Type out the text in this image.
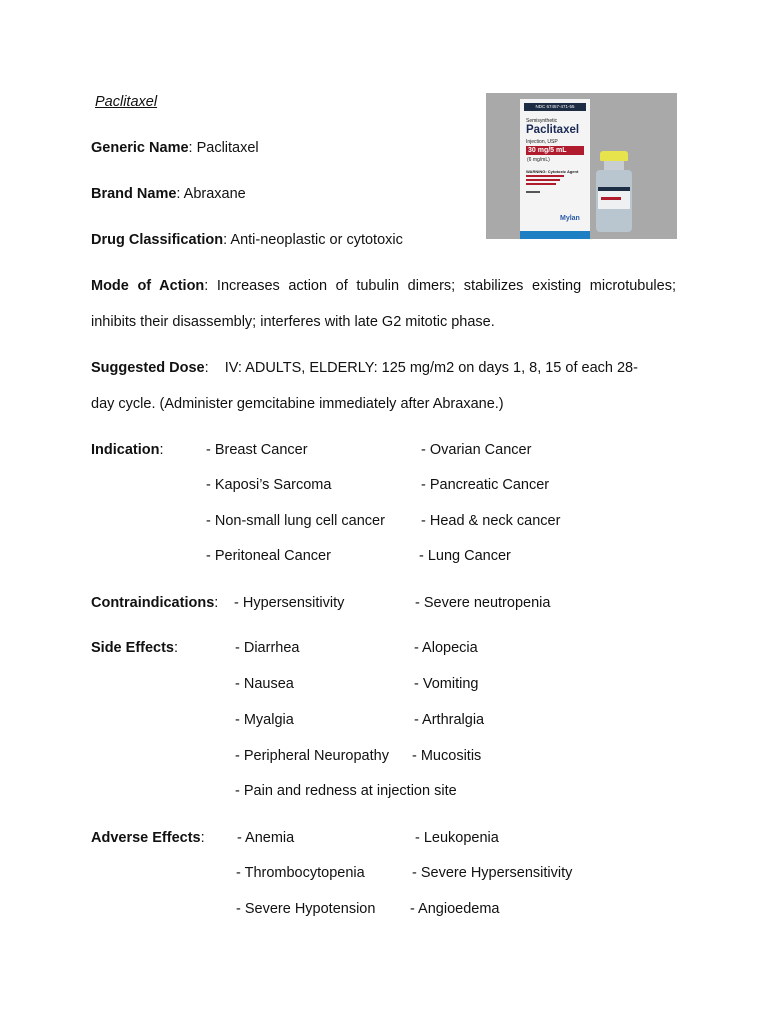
Paclitaxel	NDC 67457-471-55
Semisynthetic
Paclitaxel
Injection, USP
30 mg/5 mL
(6 mg/mL)
WARNING: Cytotoxic Agent
Mylan
Generic Name: Paclitaxel
Brand Name: Abraxane
Drug Classification: Anti-neoplastic or cytotoxic
Mode of Action: Increases action of tubulin dimers; stabilizes existing microtubules;
inhibits their disassembly; interferes with late G2 mitotic phase.
Suggested Dose:    IV: ADULTS, ELDERLY: 125 mg/m2 on days 1, 8, 15 of each 28-
day cycle. (Administer gemcitabine immediately after Abraxane.)
Indication:	- Breast Cancer
- Kaposi’s Sarcoma
- Non-small lung cell cancer
- Peritoneal Cancer
- Ovarian Cancer
- Pancreatic Cancer
- Head & neck cancer
- Lung Cancer
Contraindications: - Hypersensitivity	- Severe neutropenia
Side Effects:	- Diarrhea
- Nausea
- Myalgia
- Peripheral Neuropathy
- Pain and redness at injection site
- Alopecia
- Vomiting
- Arthralgia
- Mucositis
Adverse Effects: - Anemia
- Thrombocytopenia
- Severe Hypotension
- Leukopenia
- Severe Hypersensitivity
- Angioedema
